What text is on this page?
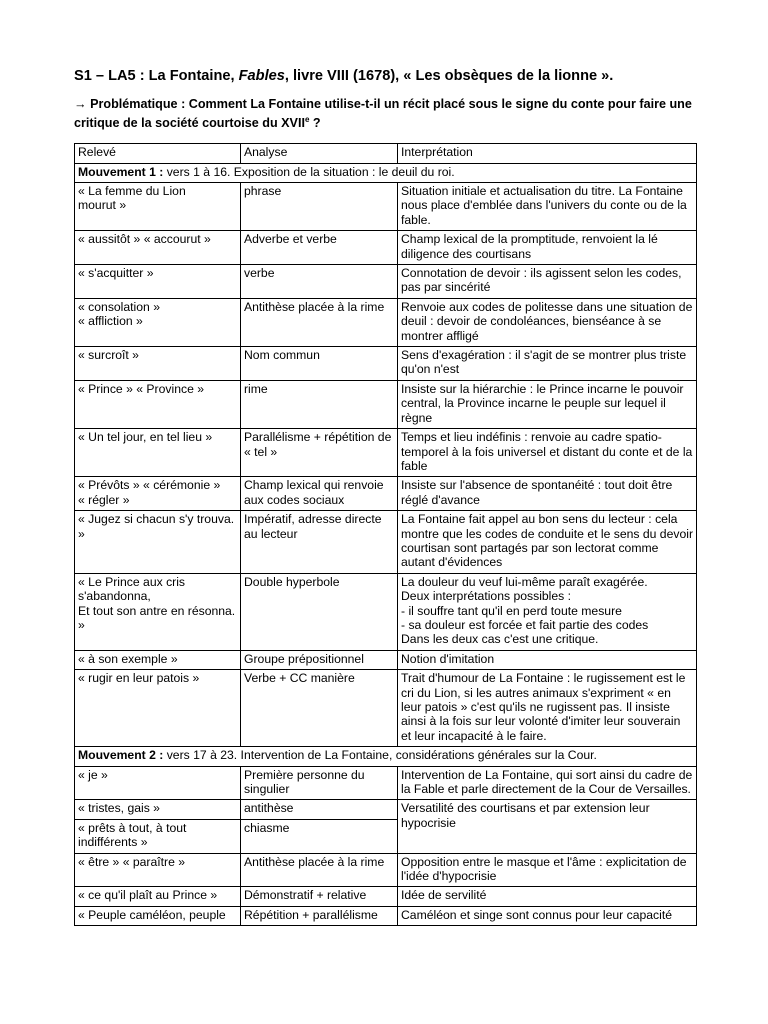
S1 – LA5 : La Fontaine, Fables, livre VIII (1678), « Les obsèques de la lionne ».
→ Problématique : Comment La Fontaine utilise-t-il un récit placé sous le signe du conte pour faire une critique de la société courtoise du XVIIe ?
Relevé	Analyse	Interprétation
Mouvement 1 : vers 1 à 16. Exposition de la situation : le deuil du roi.		
« La femme du Lion
mourut »	phrase	Situation initiale et actualisation du titre. La Fontaine nous place d'emblée dans l'univers du conte ou de la fable.
« aussitôt » « accourut »	Adverbe et verbe	Champ lexical de la promptitude, renvoient la lé diligence des courtisans
« s'acquitter »	verbe	Connotation de devoir : ils agissent selon les codes, pas par sincérité
« consolation »
« affliction »	Antithèse placée à la rime	Renvoie aux codes de politesse dans une situation de deuil : devoir de condoléances, bienséance à se montrer affligé
« surcroît »	Nom commun	Sens d'exagération : il s'agit de se montrer plus triste qu'on n'est
« Prince » « Province »	rime	Insiste sur la hiérarchie : le Prince incarne le pouvoir central, la Province incarne le peuple sur lequel il règne
« Un tel jour, en tel lieu »	Parallélisme + répétition de « tel »	Temps et lieu indéfinis : renvoie au cadre spatio-temporel à la fois universel et distant du conte et de la fable
« Prévôts » « cérémonie »
« régler »	Champ lexical qui renvoie aux codes sociaux	Insiste sur l'absence de spontanéité : tout doit être réglé d'avance
« Jugez si chacun s'y trouva. »	Impératif, adresse directe au lecteur	La Fontaine fait appel au bon sens du lecteur : cela montre que les codes de conduite et le sens du devoir courtisan sont partagés par son lectorat comme autant d'évidences
« Le Prince aux cris s'abandonna,
Et tout son antre en résonna. »	Double hyperbole	La douleur du veuf lui-même paraît exagérée.
Deux interprétations possibles :
- il souffre tant qu'il en perd toute mesure
- sa douleur est forcée et fait partie des codes
Dans les deux cas c'est une critique.
« à son exemple »	Groupe prépositionnel	Notion d'imitation
« rugir en leur patois »	Verbe + CC manière	Trait d'humour de La Fontaine : le rugissement est le cri du Lion, si les autres animaux s'expriment « en leur patois » c'est qu'ils ne rugissent pas. Il insiste ainsi à la fois sur leur volonté d'imiter leur souverain et leur incapacité à le faire.
Mouvement 2 : vers 17 à 23. Intervention de La Fontaine, considérations générales sur la Cour.		
« je »	Première personne du singulier	Intervention de La Fontaine, qui sort ainsi du cadre de la Fable et parle directement de la Cour de Versailles.
« tristes, gais »	antithèse	Versatilité des courtisans et par extension leur hypocrisie
« prêts à tout, à tout indifférents »	chiasme	
« être » « paraître »	Antithèse placée à la rime	Opposition entre le masque et l'âme : explicitation de l'idée d'hypocrisie
« ce qu'il plaît au Prince »	Démonstratif + relative	Idée de servilité
« Peuple caméléon, peuple	Répétition + parallélisme	Caméléon et singe sont connus pour leur capacité
